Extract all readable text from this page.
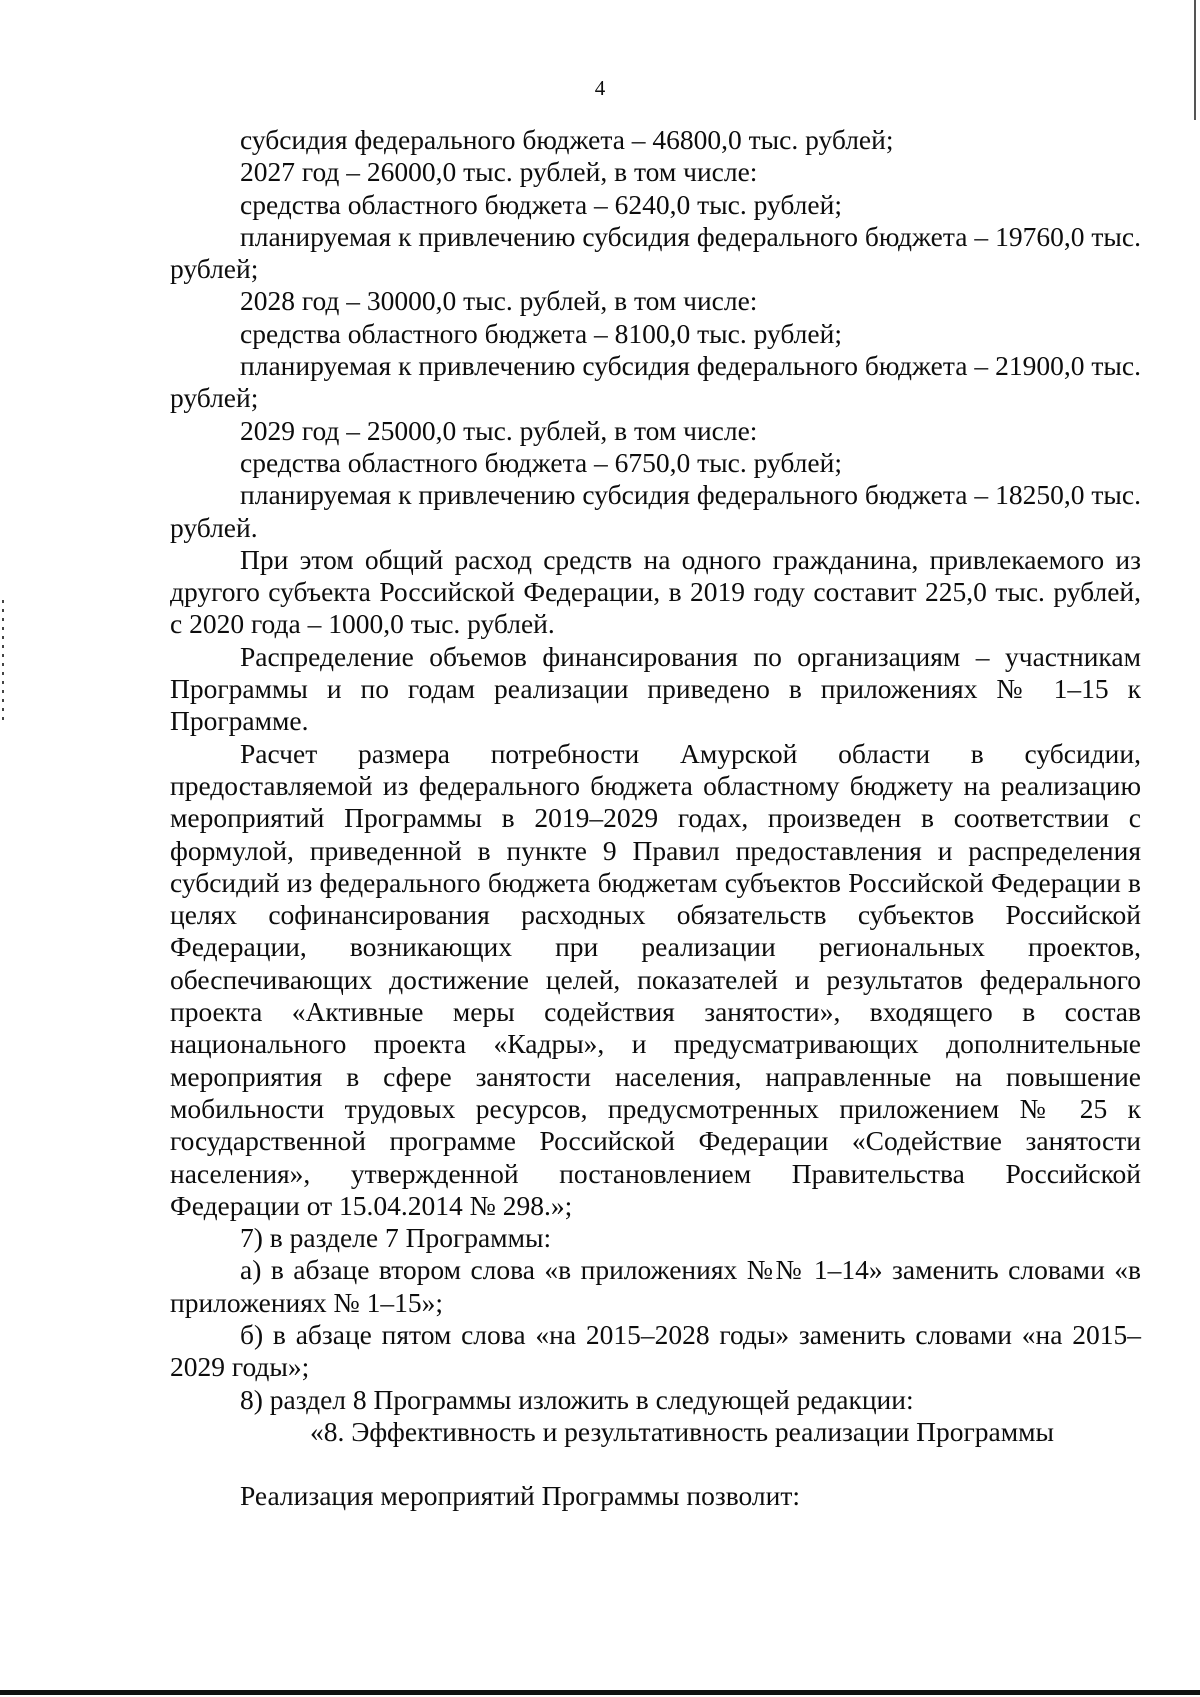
4

субсидия федерального бюджета – 46800,0 тыс. рублей;

2027 год – 26000,0 тыс. рублей, в том числе:

средства областного бюджета – 6240,0 тыс. рублей;

планируемая к привлечению субсидия федерального бюджета – 19760,0 тыс. рублей;

2028 год – 30000,0 тыс. рублей, в том числе:

средства областного бюджета – 8100,0 тыс. рублей;

планируемая к привлечению субсидия федерального бюджета – 21900,0 тыс. рублей;

2029 год – 25000,0 тыс. рублей, в том числе:

средства областного бюджета – 6750,0 тыс. рублей;

планируемая к привлечению субсидия федерального бюджета – 18250,0 тыс. рублей.

При этом общий расход средств на одного гражданина, привлекаемого из другого субъекта Российской Федерации, в 2019 году составит 225,0 тыс. рублей, с 2020 года – 1000,0 тыс. рублей.

Распределение объемов финансирования по организациям – участникам Программы и по годам реализации приведено в приложениях № 1–15 к Программе.

Расчет размера потребности Амурской области в субсидии, предоставляемой из федерального бюджета областному бюджету на реализацию мероприятий Программы в 2019–2029 годах, произведен в соответствии с формулой, приведенной в пункте 9 Правил предоставления и распределения субсидий из федерального бюджета бюджетам субъектов Российской Федерации в целях софинансирования расходных обязательств субъектов Российской Федерации, возникающих при реализации региональных проектов, обеспечивающих достижение целей, показателей и результатов федерального проекта «Активные меры содействия занятости», входящего в состав национального проекта «Кадры», и предусматривающих дополнительные мероприятия в сфере занятости населения, направленные на повышение мобильности трудовых ресурсов, предусмотренных приложением № 25 к государственной программе Российской Федерации «Содействие занятости населения», утвержденной постановлением Правительства Российской Федерации от 15.04.2014 № 298.»;

7) в разделе 7 Программы:

а) в абзаце втором слова «в приложениях №№ 1–14» заменить словами «в приложениях № 1–15»;

б) в абзаце пятом слова «на 2015–2028 годы» заменить словами «на 2015–2029 годы»;

8) раздел 8 Программы изложить в следующей редакции:

«8. Эффективность и результативность реализации Программы

Реализация мероприятий Программы позволит:
